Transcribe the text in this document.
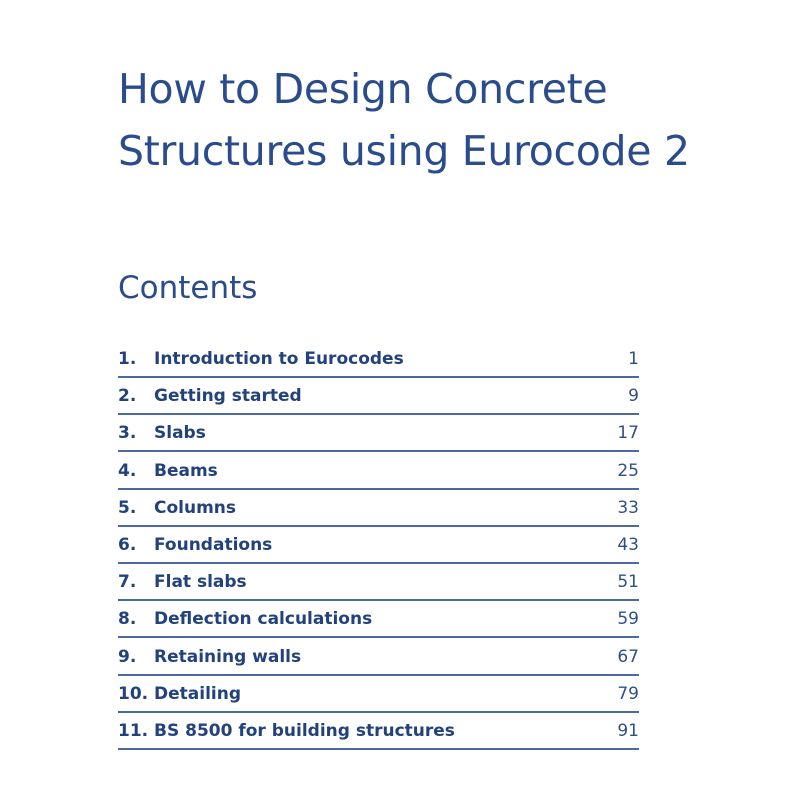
How to Design Concrete
Structures using Eurocode 2
Contents
1.	Introduction to Eurocodes	1
2.	Getting started	9
3.	Slabs	17
4.	Beams	25
5.	Columns	33
6.	Foundations	43
7.	Flat slabs	51
8.	Deflection calculations	59
9.	Retaining walls	67
10. Detailing	79
11. BS 8500 for building structures	91
